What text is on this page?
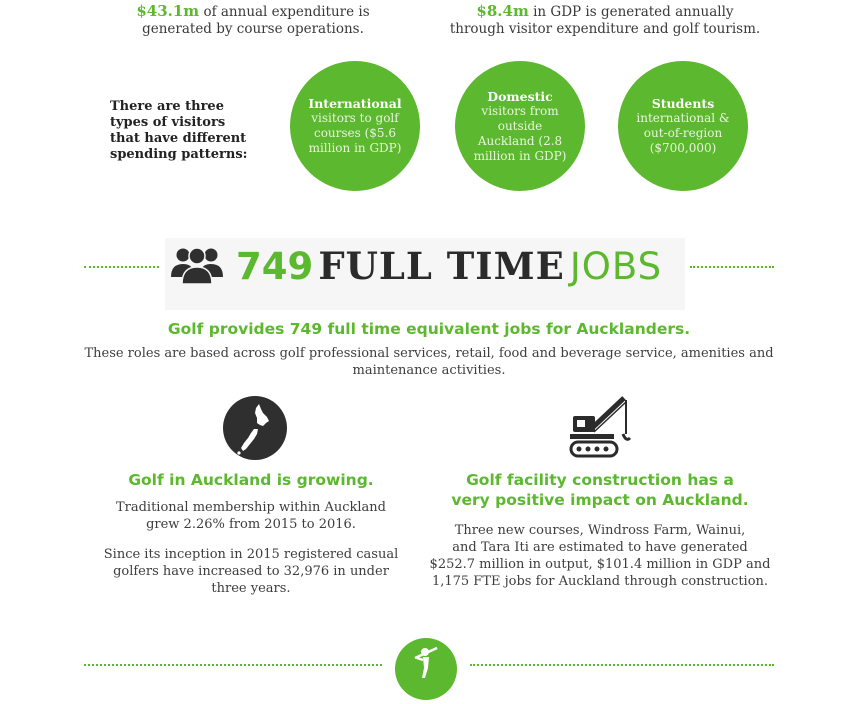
$43.1m of annual expenditure is
generated by course operations.
$8.4m in GDP is generated annually
through visitor expenditure and golf tourism.
There are three
types of visitors
that have different
spending patterns:
International
visitors to golf courses ($5.6 million in GDP)
Domestic
visitors from outside Auckland (2.8 million in GDP)
Students
international & out-of-region ($700,000)
749 FULL TIME JOBS
Golf provides 749 full time equivalent jobs for Aucklanders.
These roles are based across golf professional services, retail, food and beverage service, amenities and
maintenance activities.
Golf in Auckland is growing.
Traditional membership within Auckland
grew 2.26% from 2015 to 2016.
Since its inception in 2015 registered casual
golfers have increased to 32,976 in under
three years.
Golf facility construction has a
very positive impact on Auckland.
Three new courses, Windross Farm, Wainui,
and Tara Iti are estimated to have generated
$252.7 million in output, $101.4 million in GDP and
1,175 FTE jobs for Auckland through construction.
